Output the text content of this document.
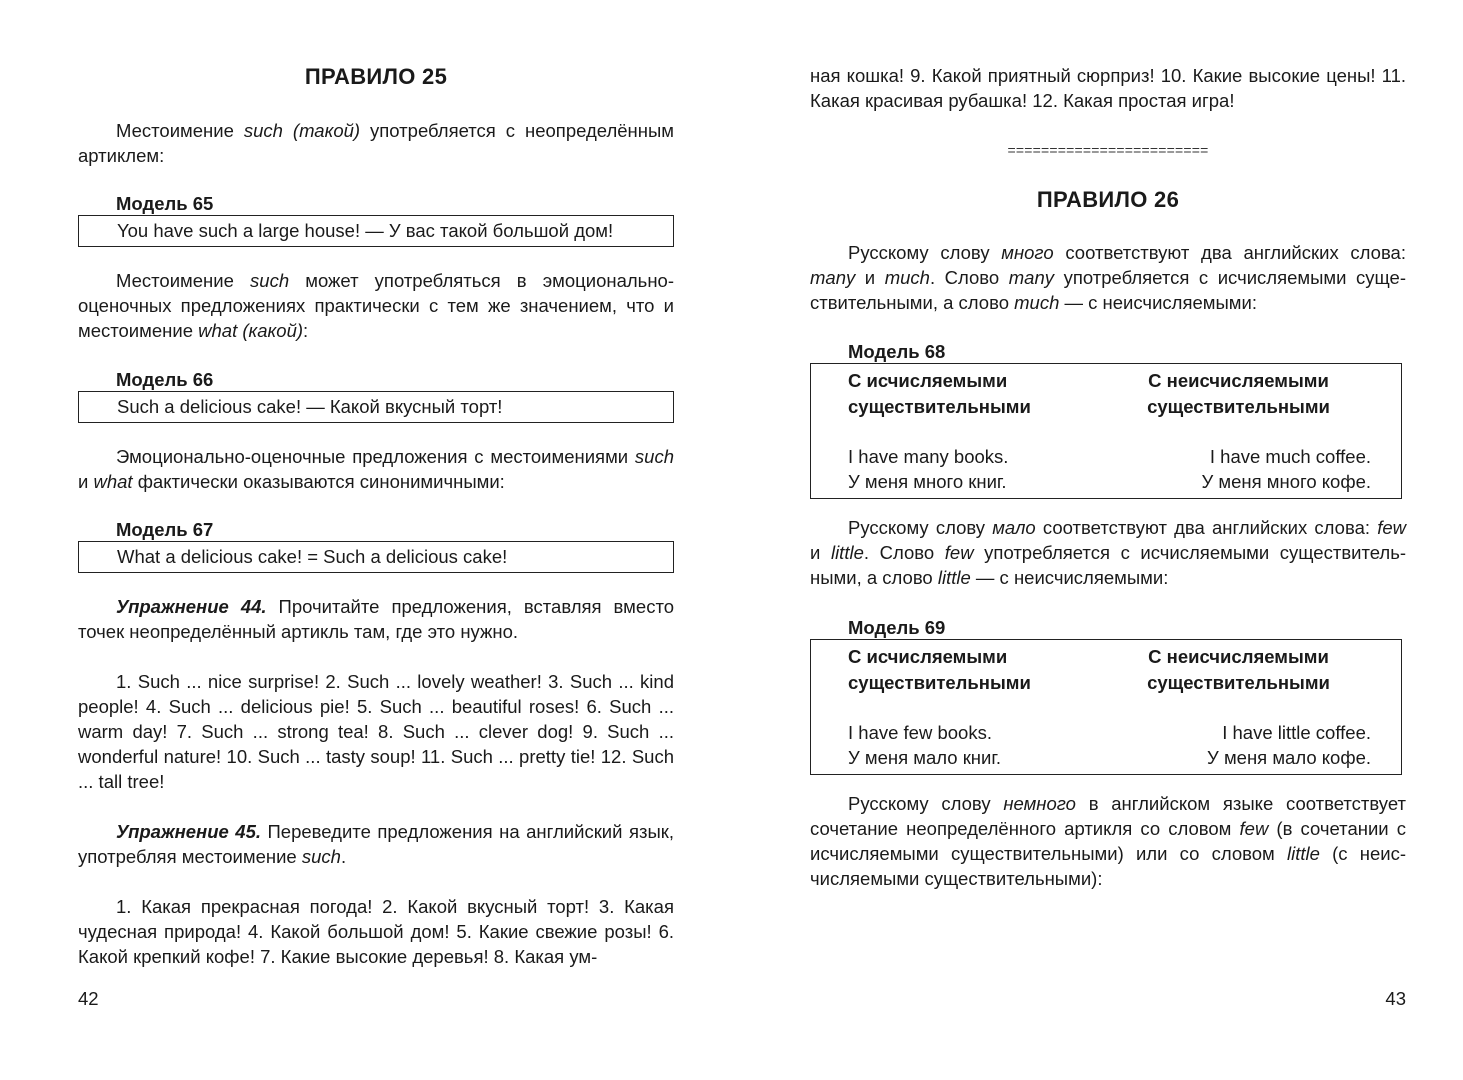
ПРАВИЛО 25

Местоимение such (такой) употребляется с неопределённым артиклем:

Модель 65
You have such a large house! — У вас такой большой дом!

Местоимение such может употребляться в эмоционально-оценочных предложениях практически с тем же значением, что и местоимение what (какой):

Модель 66
Such a delicious cake! — Какой вкусный торт!

Эмоционально-оценочные предложения с местоимениями such и what фактически оказываются синонимичными:

Модель 67
What a delicious cake! = Such a delicious cake!

Упражнение 44. Прочитайте предложения, вставляя вместо точек неопределённый артикль там, где это нужно.

1. Such ... nice surprise! 2. Such ... lovely weather! 3. Such ... kind people! 4. Such ... delicious pie! 5. Such ... beautiful roses! 6. Such ... warm day! 7. Such ... strong tea! 8. Such ... clever dog! 9. Such ... wonderful nature! 10. Such ... tasty soup! 11. Such ... pretty tie! 12. Such ... tall tree!

Упражнение 45. Переведите предложения на английский язык, употребляя местоимение such.

1. Какая прекрасная погода! 2. Какой вкусный торт! 3. Какая чудесная природа! 4. Какой большой дом! 5. Какие свежие розы! 6. Какой крепкий кофе! 7. Какие высокие деревья! 8. Какая ум-

42

ная кошка! 9. Какой приятный сюрприз! 10. Какие высокие цены! 11. Какая красивая рубашка! 12. Какая простая игра!

========================
ПРАВИЛО 26

Русскому слову много соответствуют два английских слова: many и much. Слово many употребляется с исчисляемыми суще-ствительными, а слово much — с неисчисляемыми:

Модель 68
С исчисляемыми
существительными
I have many books.
У меня много книг.
С неисчисляемыми
существительными
I have much coffee.
У меня много кофе.

Русскому слову мало соответствуют два английских слова: few и little. Слово few употребляется с исчисляемыми существитель-ными, а слово little — с неисчисляемыми:

Модель 69
С исчисляемыми
существительными
I have few books.
У меня мало книг.
С неисчисляемыми
существительными
I have little coffee.
У меня мало кофе.

Русскому слову немного в английском языке соответствует сочетание неопределённого артикля со словом few (в сочетании с исчисляемыми существительными) или со словом little (с неис-числяемыми существительными):

43
